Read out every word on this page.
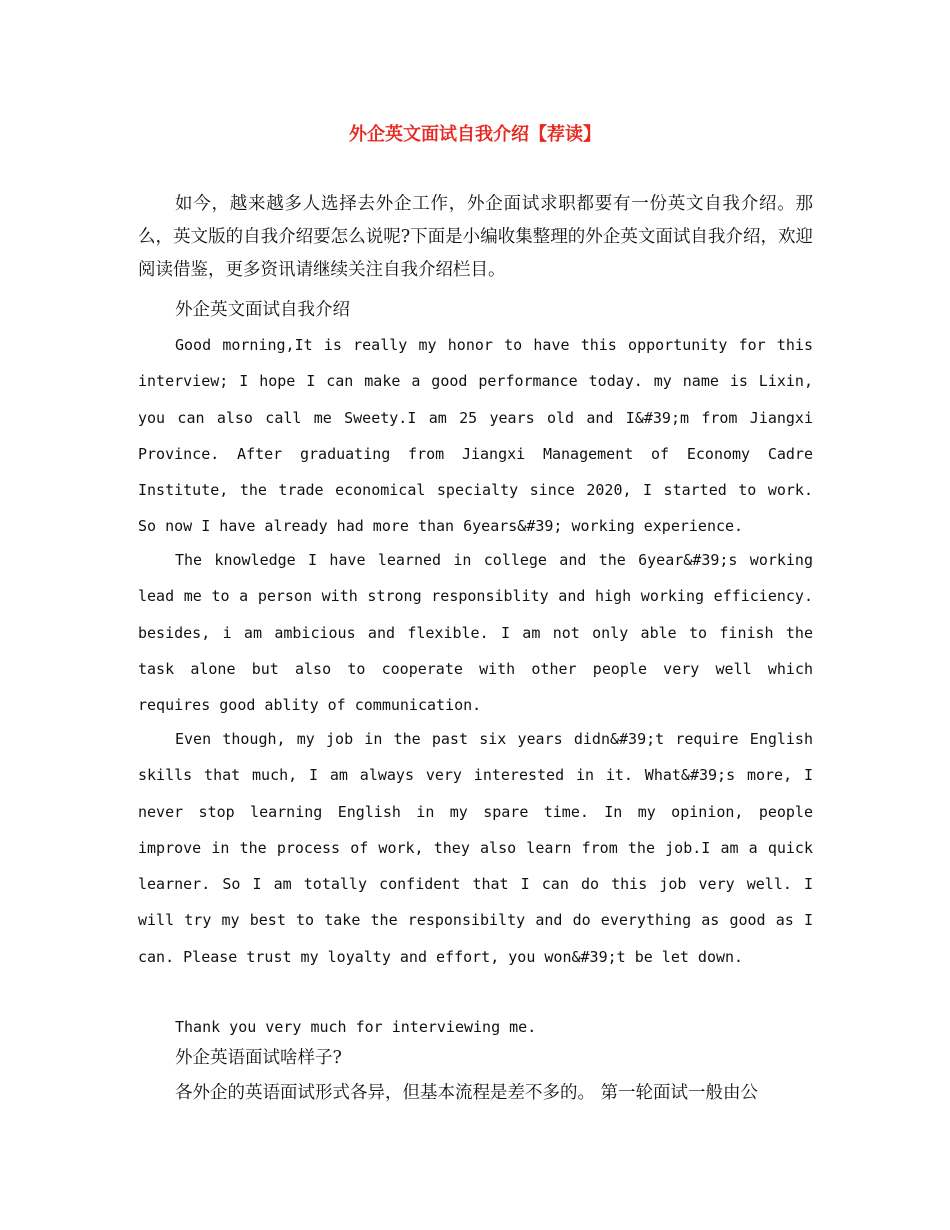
外企英文面试自我介绍【荐读】
如今，越来越多人选择去外企工作，外企面试求职都要有一份英文自我介绍。那么，英文版的自我介绍要怎么说呢?下面是小编收集整理的外企英文面试自我介绍，欢迎阅读借鉴，更多资讯请继续关注自我介绍栏目。
外企英文面试自我介绍
Good morning,It is really my honor to have this opportunity for this interview; I hope I can make a good performance today. my name is Lixin, you can also call me Sweety.I am 25 years old and I&#39;m from Jiangxi Province. After graduating from Jiangxi Management of Economy Cadre Institute, the trade economical specialty since 2020, I started to work. So now I have already had more than 6years&#39; working experience.
The knowledge I have learned in college and the 6year&#39;s working lead me to a person with strong responsiblity and high working efficiency. besides, i am ambicious and flexible. I am not only able to finish the task alone but also to cooperate with other people very well which requires good ablity of communication.
Even though, my job in the past six years didn&#39;t require English skills that much, I am always very interested in it. What&#39;s more, I never stop learning English in my spare time. In my opinion, people improve in the process of work, they also learn from the job.I am a quick learner. So I am totally confident that I can do this job very well. I will try my best to take the responsibilty and do everything as good as I can. Please trust my loyalty and effort, you won&#39;t be let down.
Thank you very much for interviewing me.
外企英语面试啥样子?
各外企的英语面试形式各异，但基本流程是差不多的。 第一轮面试一般由公
